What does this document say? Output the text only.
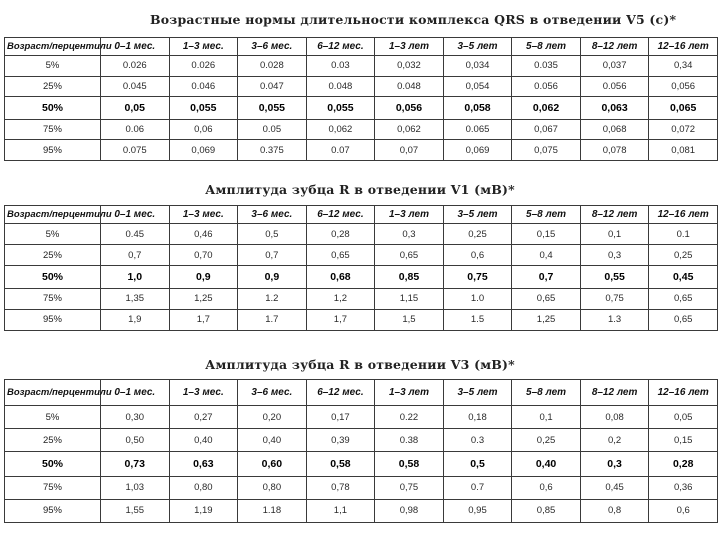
Возрастные нормы длительности комплекса QRS в отведении V5 (с)*
Возраст/перцентили	0–1 мес.	1–3 мес.	3–6 мес.	6–12 мес.	1–3 лет	3–5 лет	5–8 лет	8–12 лет	12–16 лет
5%	0.026	0.026	0.028	0.03	0,032	0,034	0.035	0,037	0,34
25%	0.045	0.046	0.047	0.048	0.048	0,054	0.056	0.056	0,056
50%	0,05	0,055	0,055	0,055	0,056	0,058	0,062	0,063	0,065
75%	0.06	0,06	0.05	0,062	0,062	0.065	0,067	0,068	0,072
95%	0.075	0,069	0.375	0.07	0,07	0,069	0,075	0,078	0,081
Амплитуда зубца R в отведении V1 (мВ)*
Возраст/перцентили	0–1 мес.	1–3 мес.	3–6 мес.	6–12 мес.	1–3 лет	3–5 лет	5–8 лет	8–12 лет	12–16 лет
5%	0.45	0,46	0,5	0,28	0,3	0,25	0,15	0,1	0.1
25%	0,7	0,70	0,7	0,65	0,65	0,6	0,4	0,3	0,25
50%	1,0	0,9	0,9	0,68	0,85	0,75	0,7	0,55	0,45
75%	1,35	1,25	1.2	1,2	1,15	1.0	0,65	0,75	0,65
95%	1,9	1,7	1.7	1,7	1,5	1.5	1,25	1.3	0,65
Амплитуда зубца R в отведении V3 (мВ)*
Возраст/перцентили	0–1 мес.	1–3 мес.	3–6 мес.	6–12 мес.	1–3 лет	3–5 лет	5–8 лет	8–12 лет	12–16 лет
5%	0,30	0,27	0,20	0,17	0.22	0,18	0,1	0,08	0,05
25%	0,50	0,40	0,40	0,39	0.38	0.3	0,25	0,2	0,15
50%	0,73	0,63	0,60	0,58	0,58	0,5	0,40	0,3	0,28
75%	1,03	0,80	0,80	0,78	0,75	0.7	0,6	0,45	0,36
95%	1,55	1,19	1.18	1,1	0,98	0,95	0,85	0,8	0,6
